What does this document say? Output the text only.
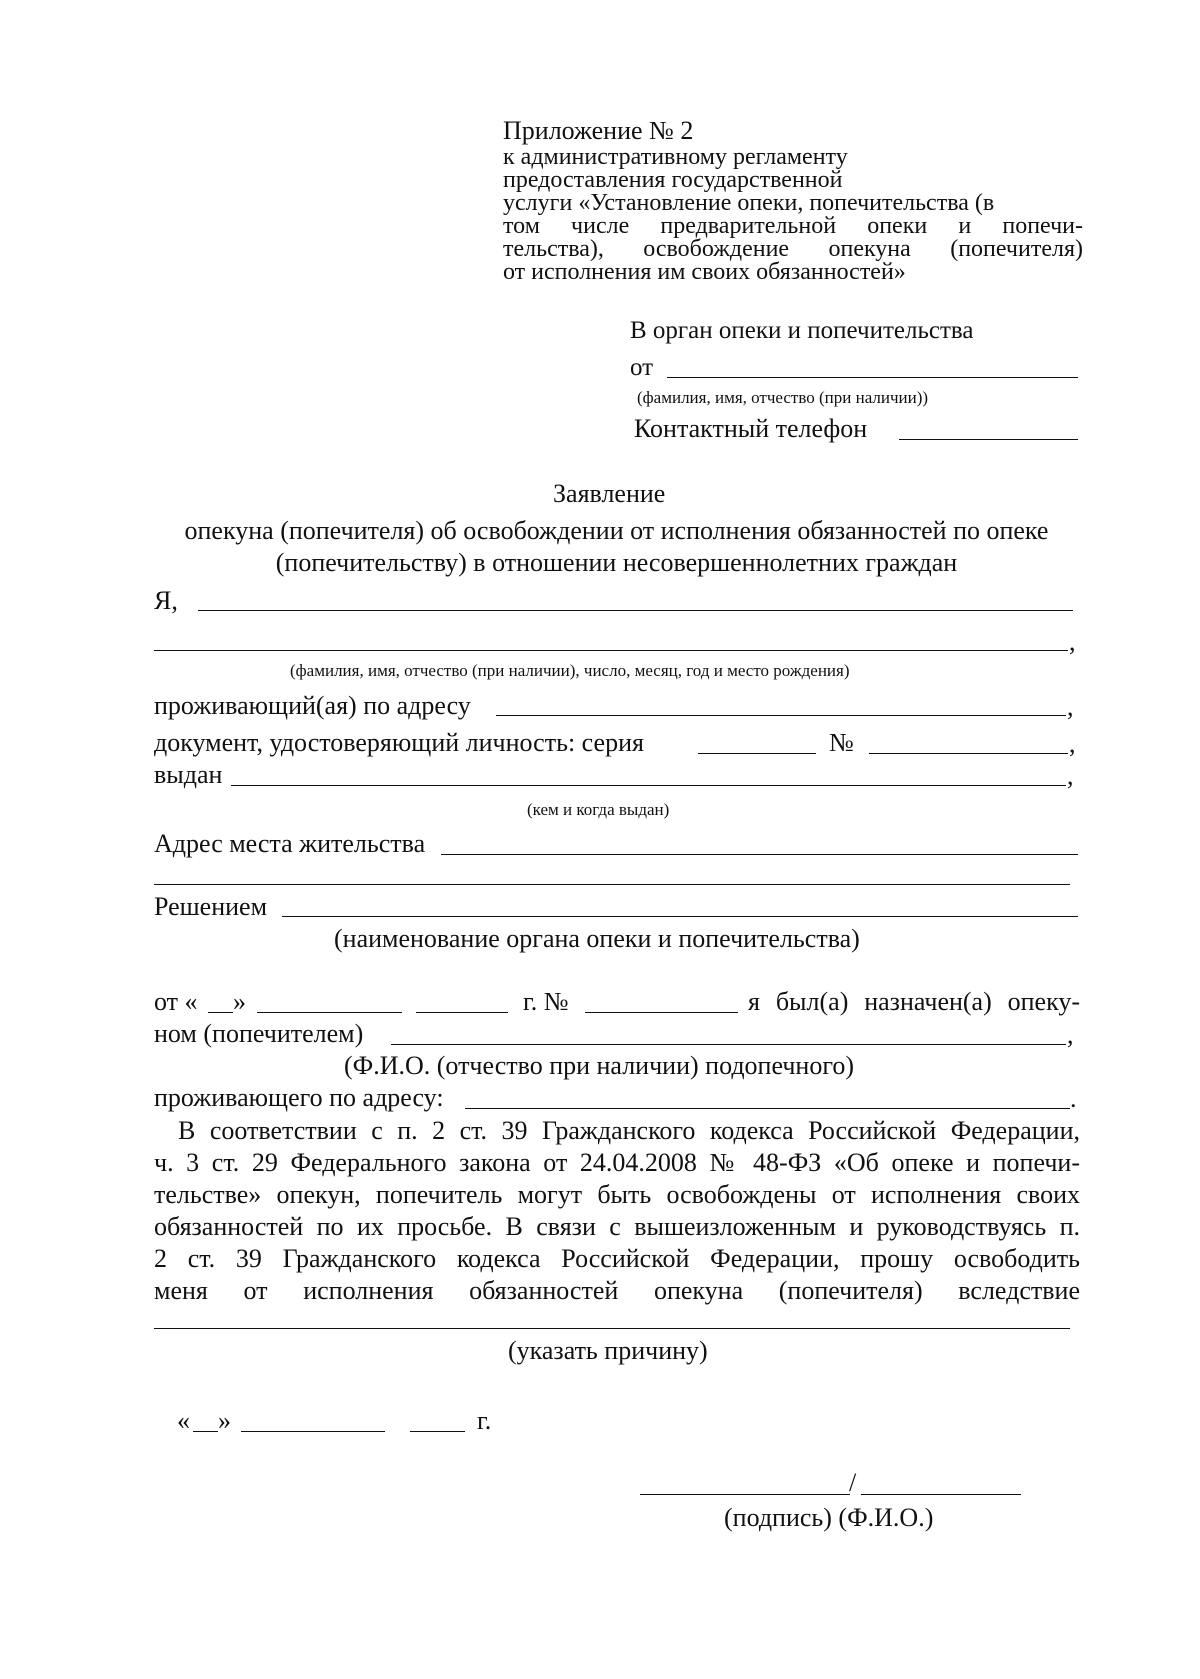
Приложение № 2
к административному регламенту
предоставления государственной
услуги «Установление опеки, попечительства (в
том числе предварительной опеки и попечи-
тельства), освобождение опекуна (попечителя)
от исполнения им своих обязанностей»
В орган опеки и попечительства
от
(фамилия, имя, отчество (при наличии))
Контактный телефон
Заявление
опекуна (попечителя) об освобождении от исполнения обязанностей по опеке
(попечительству) в отношении несовершеннолетних граждан
Я,
,
(фамилия, имя, отчество (при наличии), число, месяц, год и место рождения)
проживающий(ая) по адресу	,
документ, удостоверяющий личность: серия	№	,
выдан	,
(кем и когда выдан)
Адрес места жительства
Решением
(наименование органа опеки и попечительства)
от « »	г. №	я был(а) назначен(а) опеку-
ном (попечителем)	,
(Ф.И.О. (отчество при наличии) подопечного)
проживающего по адресу:	.
В соответствии с п. 2 ст. 39 Гражданского кодекса Российской Федерации,
ч. 3 ст. 29 Федерального закона от 24.04.2008 № 48-ФЗ «Об опеке и попечи-
тельстве» опекун, попечитель могут быть освобождены от исполнения своих
обязанностей по их просьбе. В связи с вышеизложенным и руководствуясь п.
2 ст. 39 Гражданского кодекса Российской Федерации, прошу освободить
меня от исполнения обязанностей опекуна (попечителя) вследствие
(указать причину)
« »	г.
/
(подпись) (Ф.И.О.)
